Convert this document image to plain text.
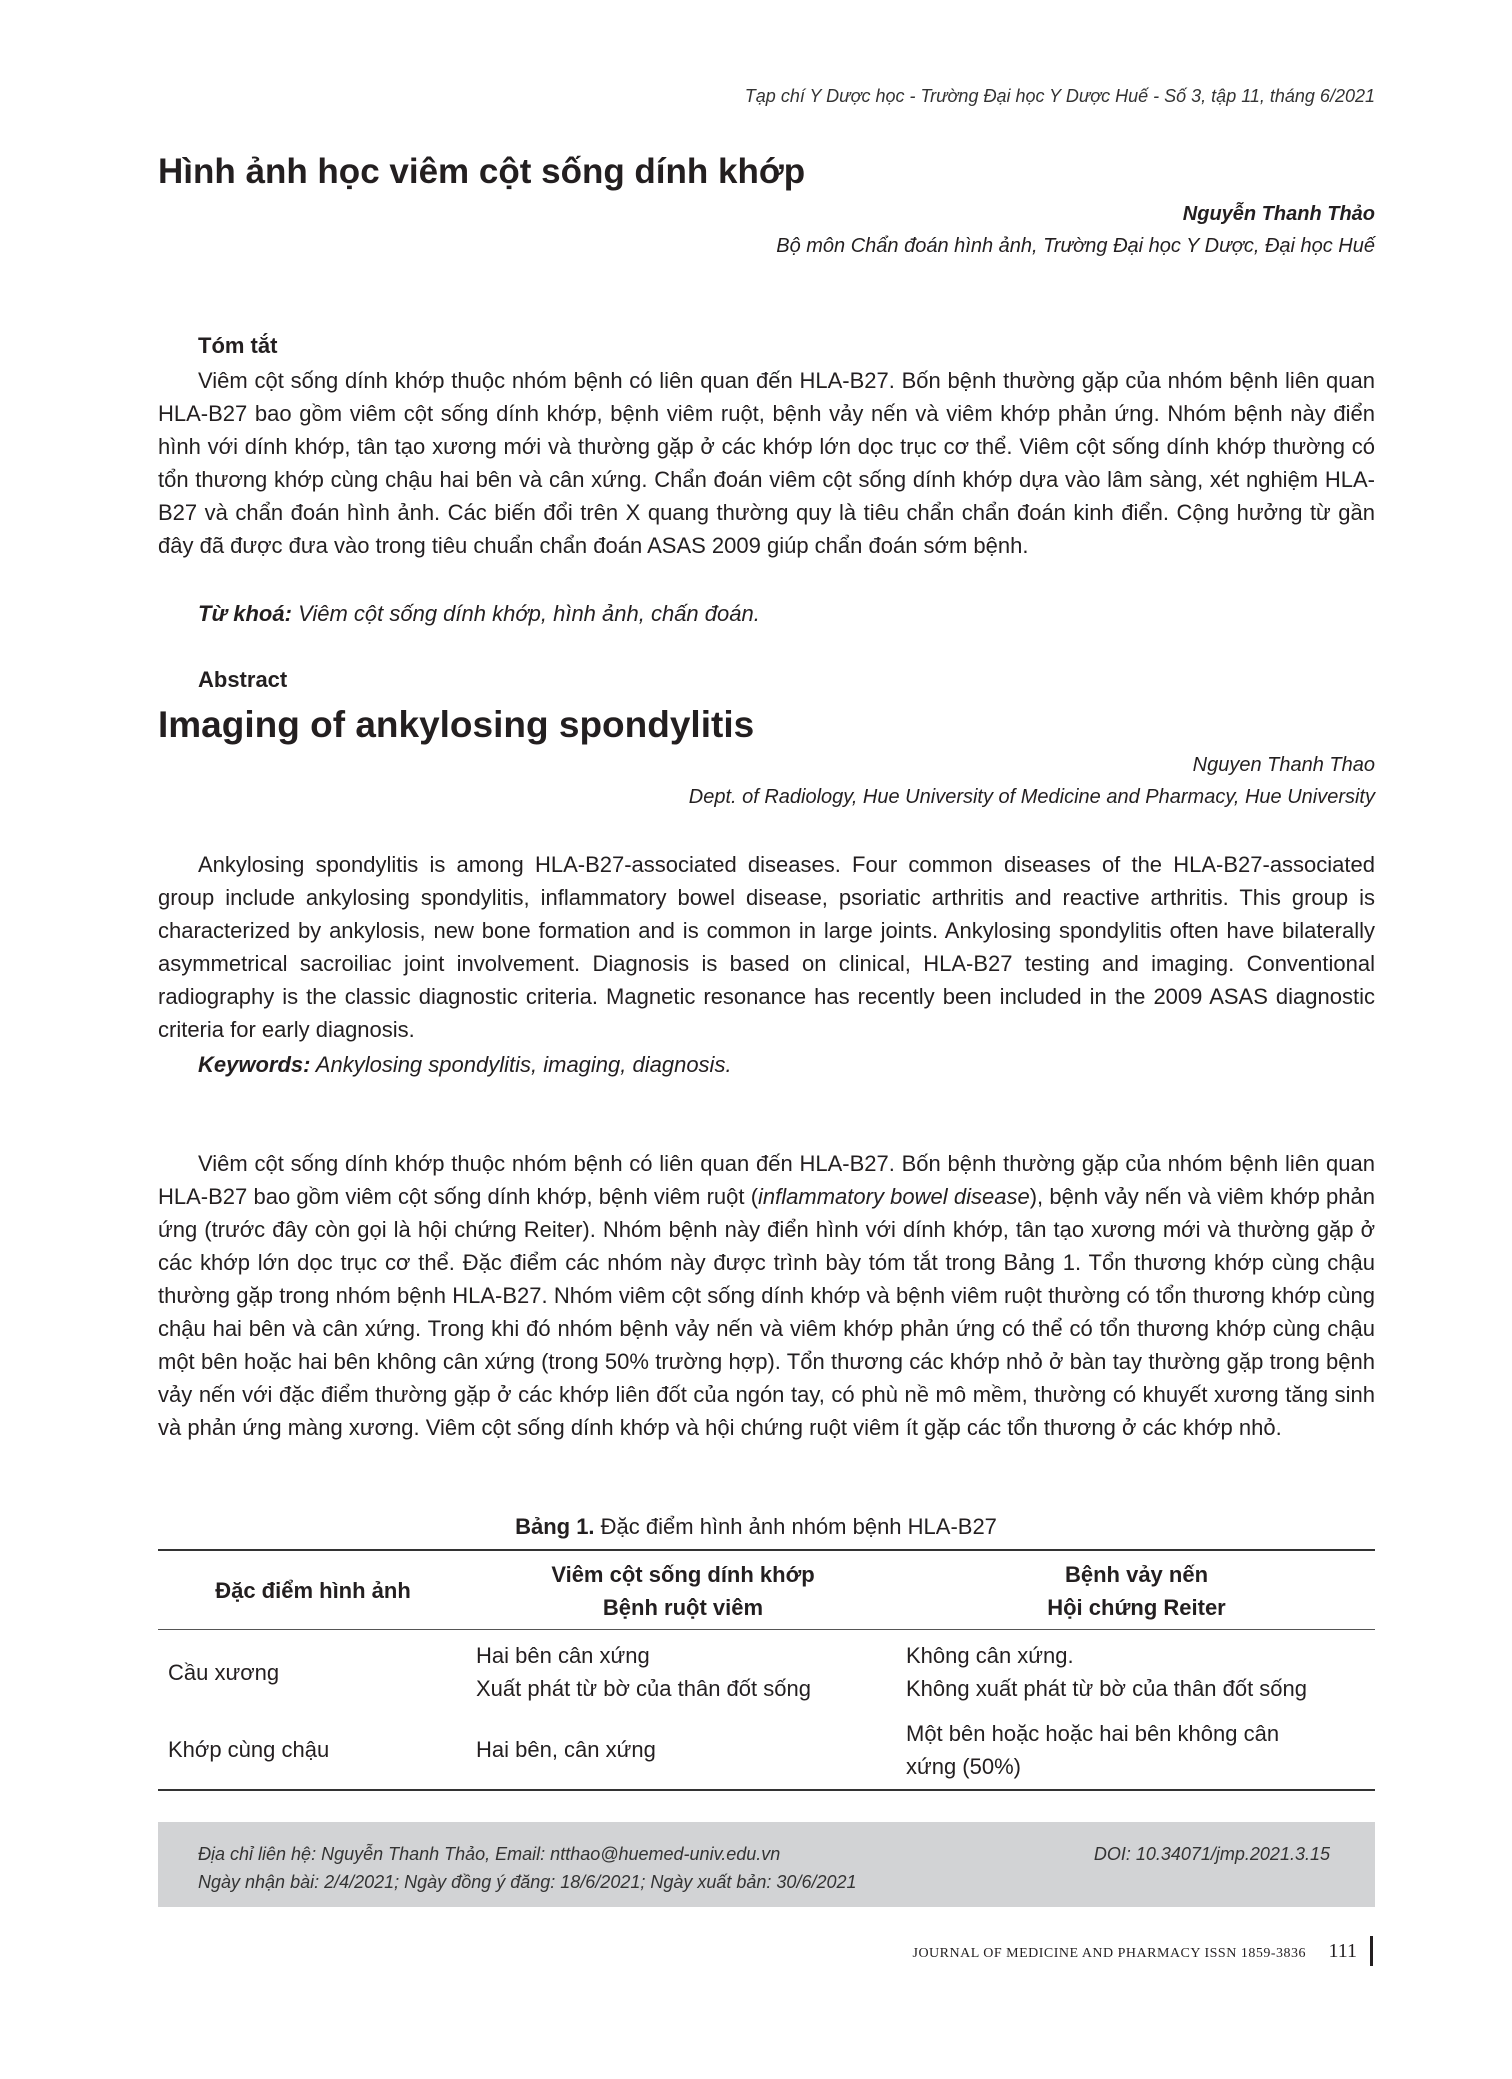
Tạp chí Y Dược học - Trường Đại học Y Dược Huế - Số 3, tập 11, tháng 6/2021
Hình ảnh học viêm cột sống dính khớp
Nguyễn Thanh Thảo
Bộ môn Chẩn đoán hình ảnh, Trường Đại học Y Dược, Đại học Huế
Tóm tắt
Viêm cột sống dính khớp thuộc nhóm bệnh có liên quan đến HLA-B27. Bốn bệnh thường gặp của nhóm bệnh liên quan HLA-B27 bao gồm viêm cột sống dính khớp, bệnh viêm ruột, bệnh vảy nến và viêm khớp phản ứng. Nhóm bệnh này điển hình với dính khớp, tân tạo xương mới và thường gặp ở các khớp lớn dọc trục cơ thể. Viêm cột sống dính khớp thường có tổn thương khớp cùng chậu hai bên và cân xứng. Chẩn đoán viêm cột sống dính khớp dựa vào lâm sàng, xét nghiệm HLA-B27 và chẩn đoán hình ảnh. Các biến đổi trên X quang thường quy là tiêu chẩn chẩn đoán kinh điển. Cộng hưởng từ gần đây đã được đưa vào trong tiêu chuẩn chẩn đoán ASAS 2009 giúp chẩn đoán sớm bệnh.
Từ khoá: Viêm cột sống dính khớp, hình ảnh, chấn đoán.
Abstract
Imaging of ankylosing spondylitis
Nguyen Thanh Thao
Dept. of Radiology, Hue University of Medicine and Pharmacy, Hue University
Ankylosing spondylitis is among HLA-B27-associated diseases. Four common diseases of the HLA-B27-associated group include ankylosing spondylitis, inflammatory bowel disease, psoriatic arthritis and reactive arthritis. This group is characterized by ankylosis, new bone formation and is common in large joints. Ankylosing spondylitis often have bilaterally asymmetrical sacroiliac joint involvement. Diagnosis is based on clinical, HLA-B27 testing and imaging. Conventional radiography is the classic diagnostic criteria. Magnetic resonance has recently been included in the 2009 ASAS diagnostic criteria for early diagnosis.
Keywords: Ankylosing spondylitis, imaging, diagnosis.
Viêm cột sống dính khớp thuộc nhóm bệnh có liên quan đến HLA-B27. Bốn bệnh thường gặp của nhóm bệnh liên quan HLA-B27 bao gồm viêm cột sống dính khớp, bệnh viêm ruột (inflammatory bowel disease), bệnh vảy nến và viêm khớp phản ứng (trước đây còn gọi là hội chứng Reiter). Nhóm bệnh này điển hình với dính khớp, tân tạo xương mới và thường gặp ở các khớp lớn dọc trục cơ thể. Đặc điểm các nhóm này được trình bày tóm tắt trong Bảng 1. Tổn thương khớp cùng chậu thường gặp trong nhóm bệnh HLA-B27. Nhóm viêm cột sống dính khớp và bệnh viêm ruột thường có tổn thương khớp cùng chậu hai bên và cân xứng. Trong khi đó nhóm bệnh vảy nến và viêm khớp phản ứng có thể có tổn thương khớp cùng chậu một bên hoặc hai bên không cân xứng (trong 50% trường hợp). Tổn thương các khớp nhỏ ở bàn tay thường gặp trong bệnh vảy nến với đặc điểm thường gặp ở các khớp liên đốt của ngón tay, có phù nề mô mềm, thường có khuyết xương tăng sinh và phản ứng màng xương. Viêm cột sống dính khớp và hội chứng ruột viêm ít gặp các tổn thương ở các khớp nhỏ.
Bảng 1. Đặc điểm hình ảnh nhóm bệnh HLA-B27
Đặc điểm hình ảnh
Viêm cột sống dính khớp
Bệnh ruột viêm
Bệnh vảy nến
Hội chứng Reiter
Cầu xương
Hai bên cân xứng
Xuất phát từ bờ của thân đốt sống
Không cân xứng.
Không xuất phát từ bờ của thân đốt sống
Khớp cùng chậu	Hai bên, cân xứng
Một bên hoặc hoặc hai bên không cân
xứng (50%)
Địa chỉ liên hệ: Nguyễn Thanh Thảo, Email: ntthao@huemed-univ.edu.vn	DOI: 10.34071/jmp.2021.3.15
Ngày nhận bài: 2/4/2021; Ngày đồng ý đăng: 18/6/2021; Ngày xuất bản: 30/6/2021
JOURNAL OF MEDICINE AND PHARMACY ISSN 1859-3836 111
